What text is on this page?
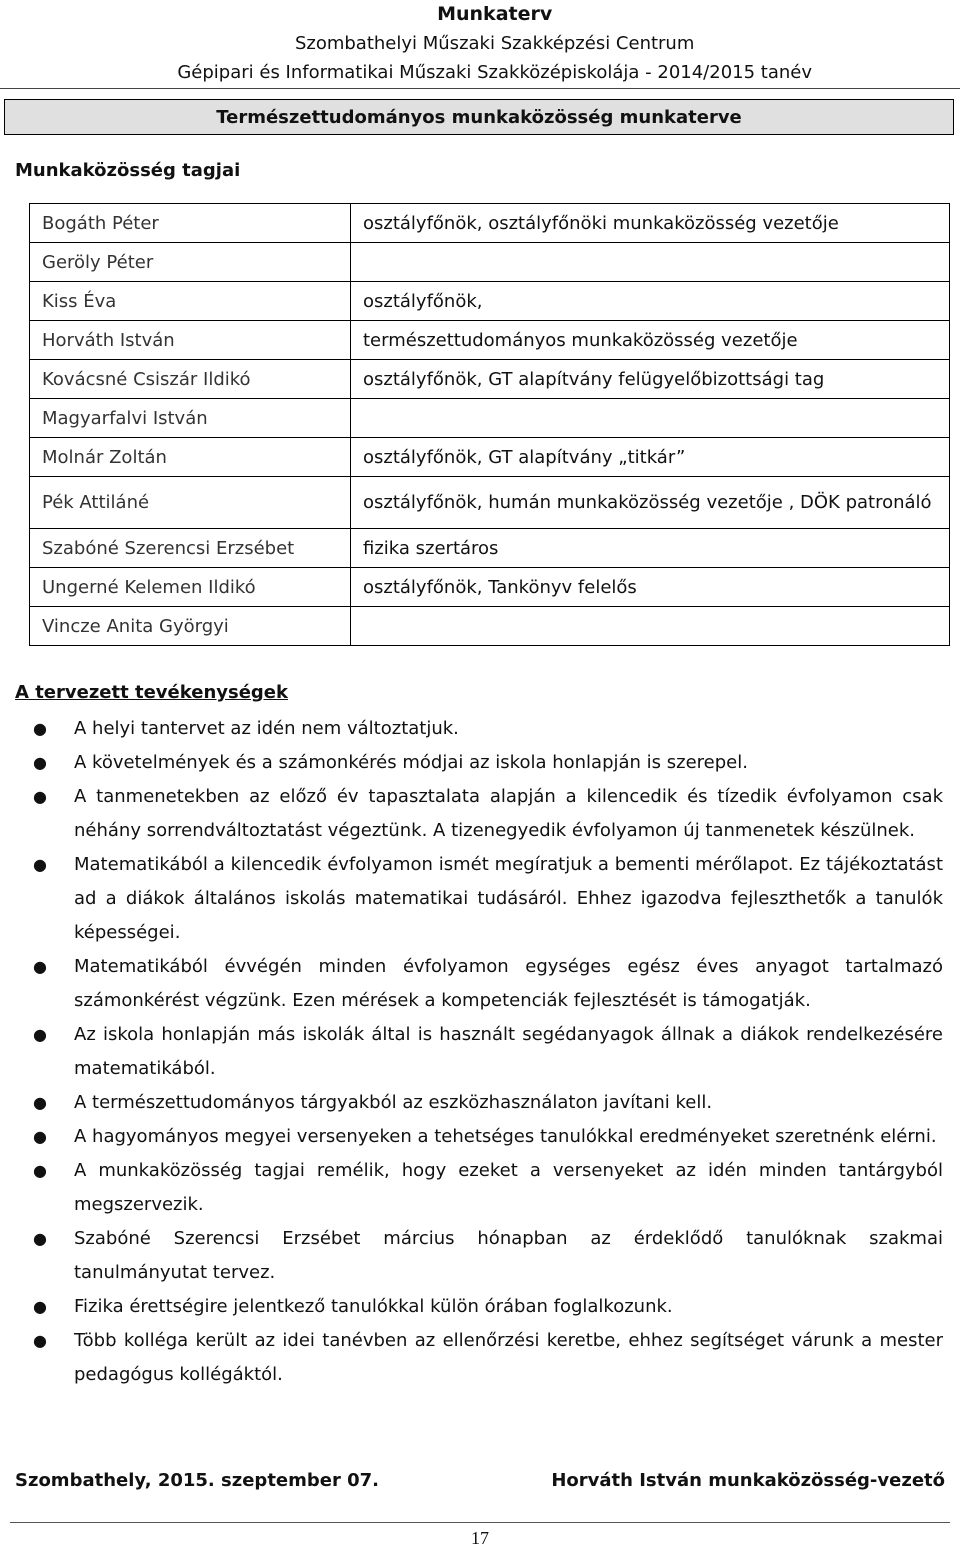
Munkaterv
Szombathelyi Műszaki Szakképzési Centrum
Gépipari és Informatikai Műszaki Szakközépiskolája - 2014/2015 tanév
Természettudományos munkaközösség munkaterve
Munkaközösség tagjai
Bogáth Péter	osztályfőnök, osztályfőnöki munkaközösség vezetője
Geröly Péter	
Kiss Éva	osztályfőnök,
Horváth István	természettudományos munkaközösség vezetője
Kovácsné Csiszár Ildikó	osztályfőnök, GT alapítvány felügyelőbizottsági tag
Magyarfalvi István	
Molnár Zoltán	osztályfőnök, GT alapítvány „titkár”
Pék Attiláné	osztályfőnök, humán munkaközösség vezetője , DÖK patronáló
Szabóné Szerencsi Erzsébet	fizika szertáros
Ungerné Kelemen Ildikó	osztályfőnök, Tankönyv felelős
Vincze Anita Györgyi	
A tervezett tevékenységek
● A helyi tantervet az idén nem változtatjuk.
● A követelmények és a számonkérés módjai az iskola honlapján is szerepel.
● A tanmenetekben az előző év tapasztalata alapján a kilencedik és tízedik évfolyamon csak néhány sorrendváltoztatást végeztünk. A tizenegyedik évfolyamon új tanmenetek készülnek.
● Matematikából a kilencedik évfolyamon ismét megíratjuk a bementi mérőlapot. Ez tájékoztatást ad a diákok általános iskolás matematikai tudásáról. Ehhez igazodva fejleszthetők a tanulók képességei.
● Matematikából évvégén minden évfolyamon egységes egész éves anyagot tartalmazó számonkérést végzünk. Ezen mérések a kompetenciák fejlesztését is támogatják.
● Az iskola honlapján más iskolák által is használt segédanyagok állnak a diákok rendelkezésére matematikából.
● A természettudományos tárgyakból az eszközhasználaton javítani kell.
● A hagyományos megyei versenyeken a tehetséges tanulókkal eredményeket szeretnénk elérni.
● A munkaközösség tagjai remélik, hogy ezeket a versenyeket az idén minden tantárgyból megszervezik.
● Szabóné Szerencsi Erzsébet március hónapban az érdeklődő tanulóknak szakmai tanulmányutat tervez.
● Fizika érettségire jelentkező tanulókkal külön órában foglalkozunk.
● Több kollégа került az idei tanévben az ellenőrzési keretbe, ehhez segítséget várunk a mester pedagógus kollégáktól.
Szombathely, 2015. szeptember 07.	Horváth István munkaközösség-vezető
17
